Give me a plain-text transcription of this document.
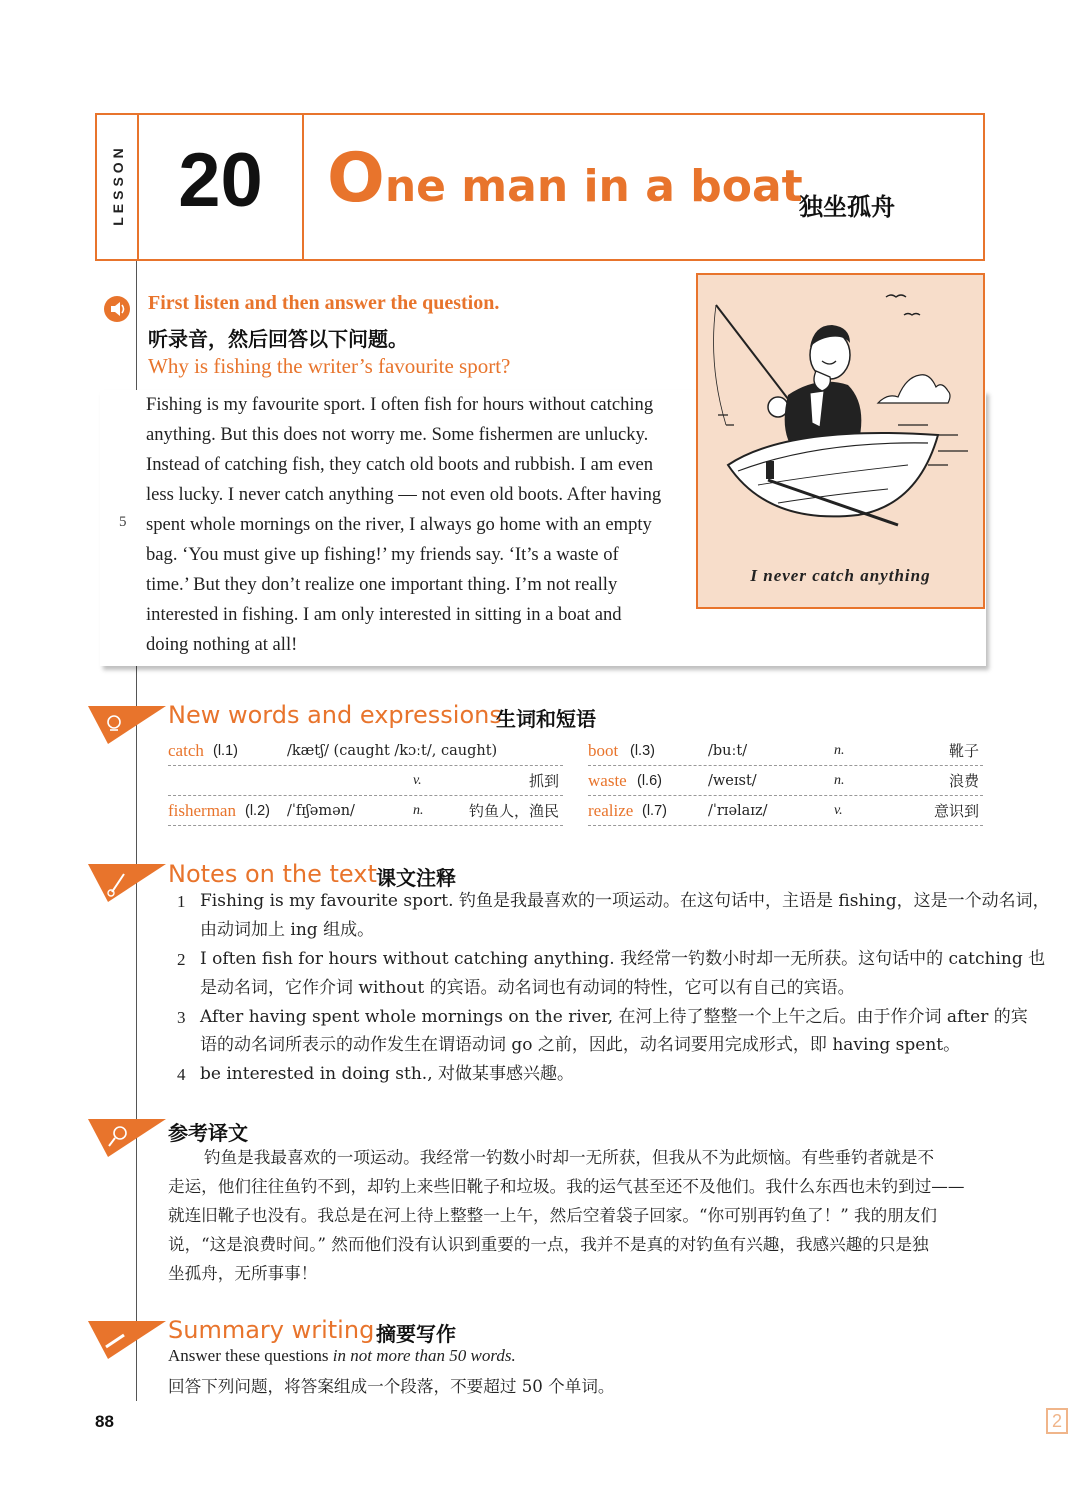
LESSON 20 One man in a boat
独坐孤舟
First listen and then answer the question.
听录音，然后回答以下问题。
Why is fishing the writer’s favourite sport?
Fishing is my favourite sport. I often fish for hours without catching
anything. But this does not worry me. Some fishermen are unlucky.
Instead of catching fish, they catch old boots and rubbish. I am even
less lucky. I never catch anything — not even old boots. After having
spent whole mornings on the river, I always go home with an empty
bag. ‘You must give up fishing!’ my friends say. ‘It’s a waste of
time.’ But they don’t realize one important thing. I’m not really
interested in fishing. I am only interested in sitting in a boat and
doing nothing at all!
5
I never catch anything
New words and expressions
生词和短语
catch (l.1)	/kætʃ/ (caught /kɔːt/, caught)
v.	抓到
fisherman (l.2) /ˈfɪʃəmən/	n.	钓鱼人，渔民
boot (l.3)	/buːt/	n.	靴子
waste (l.6)	/weɪst/	n.	浪费
realize (l.7)	/ˈrɪəlaɪz/	v.	意识到
Notes on the text 课文注释
1 Fishing is my favourite sport. 钓鱼是我最喜欢的一项运动。在这句话中，主语是 fishing，这是一个动名词，
由动词加上 ing 组成。
2 I often fish for hours without catching anything. 我经常一钓数小时却一无所获。这句话中的 catching 也
是动名词，它作介词 without 的宾语。动名词也有动词的特性，它可以有自己的宾语。
3 After having spent whole mornings on the river, 在河上待了整整一个上午之后。由于作介词 after 的宾
语的动名词所表示的动作发生在谓语动词 go 之前，因此，动名词要用完成形式，即 having spent。
4 be interested in doing sth., 对做某事感兴趣。
参考译文
钓鱼是我最喜欢的一项运动。我经常一钓数小时却一无所获，但我从不为此烦恼。有些垂钓者就是不
走运，他们往往鱼钓不到，却钓上来些旧靴子和垃圾。我的运气甚至还不及他们。我什么东西也未钓到过——
就连旧靴子也没有。我总是在河上待上整整一上午，然后空着袋子回家。“你可别再钓鱼了！” 我的朋友们
说，“这是浪费时间。” 然而他们没有认识到重要的一点，我并不是真的对钓鱼有兴趣，我感兴趣的只是独
坐孤舟，无所事事！
Summary writing 摘要写作
Answer these questions in not more than 50 words.
回答下列问题，将答案组成一个段落，不要超过 50 个单词。
88	2
